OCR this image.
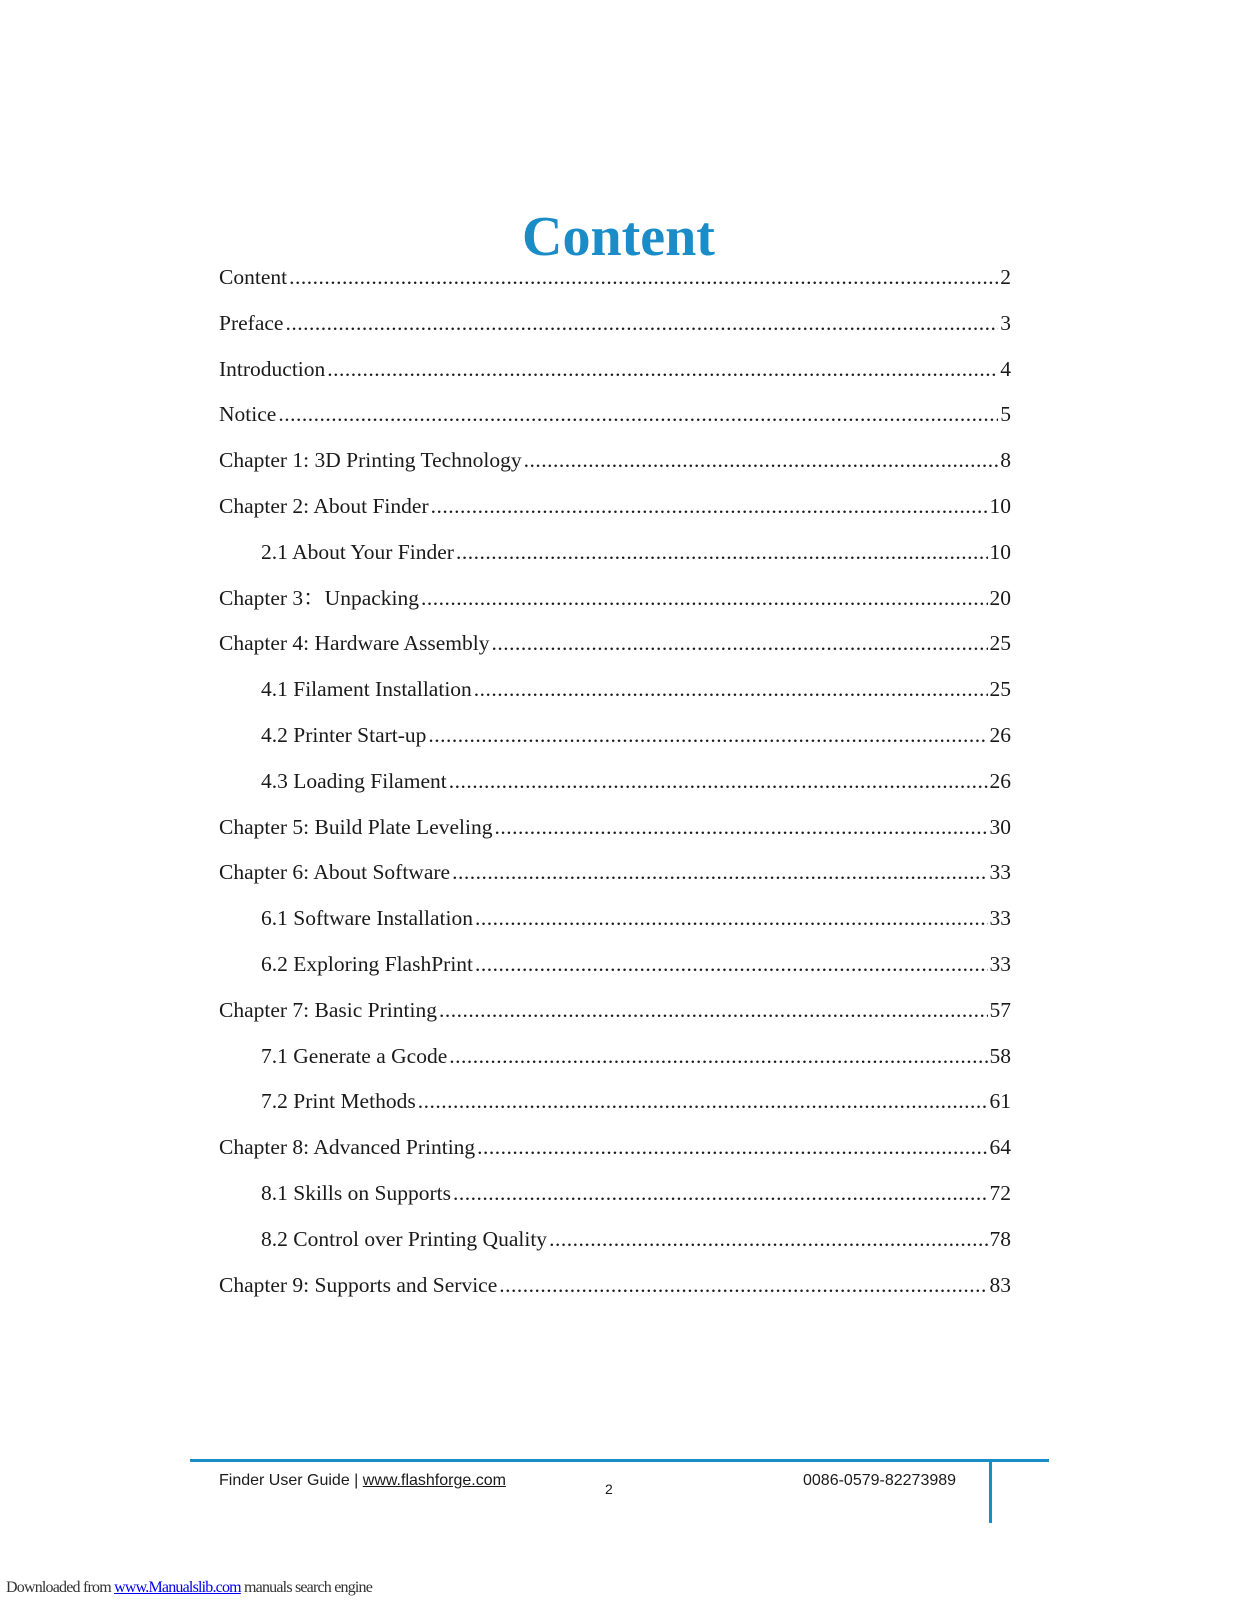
Content
Content .....	2
Preface .....	3
Introduction .....	4
Notice .....	5
Chapter 1: 3D Printing Technology .....	8
Chapter 2: About Finder .....	10
2.1 About Your Finder .....	10
Chapter 3：Unpacking .....	20
Chapter 4: Hardware Assembly .....	25
4.1 Filament Installation .....	25
4.2 Printer Start-up .....	26
4.3 Loading Filament .....	26
Chapter 5: Build Plate Leveling .....	30
Chapter 6: About Software .....	33
6.1 Software Installation .....	33
6.2 Exploring FlashPrint .....	33
Chapter 7: Basic Printing .....	57
7.1 Generate a Gcode .....	58
7.2 Print Methods .....	61
Chapter 8: Advanced Printing .....	64
8.1 Skills on Supports .....	72
8.2 Control over Printing Quality .....	78
Chapter 9: Supports and Service .....	83
Finder User Guide | www.flashforge.com	2	0086-0579-82273989
Downloaded from www.Manualslib.com manuals search engine
